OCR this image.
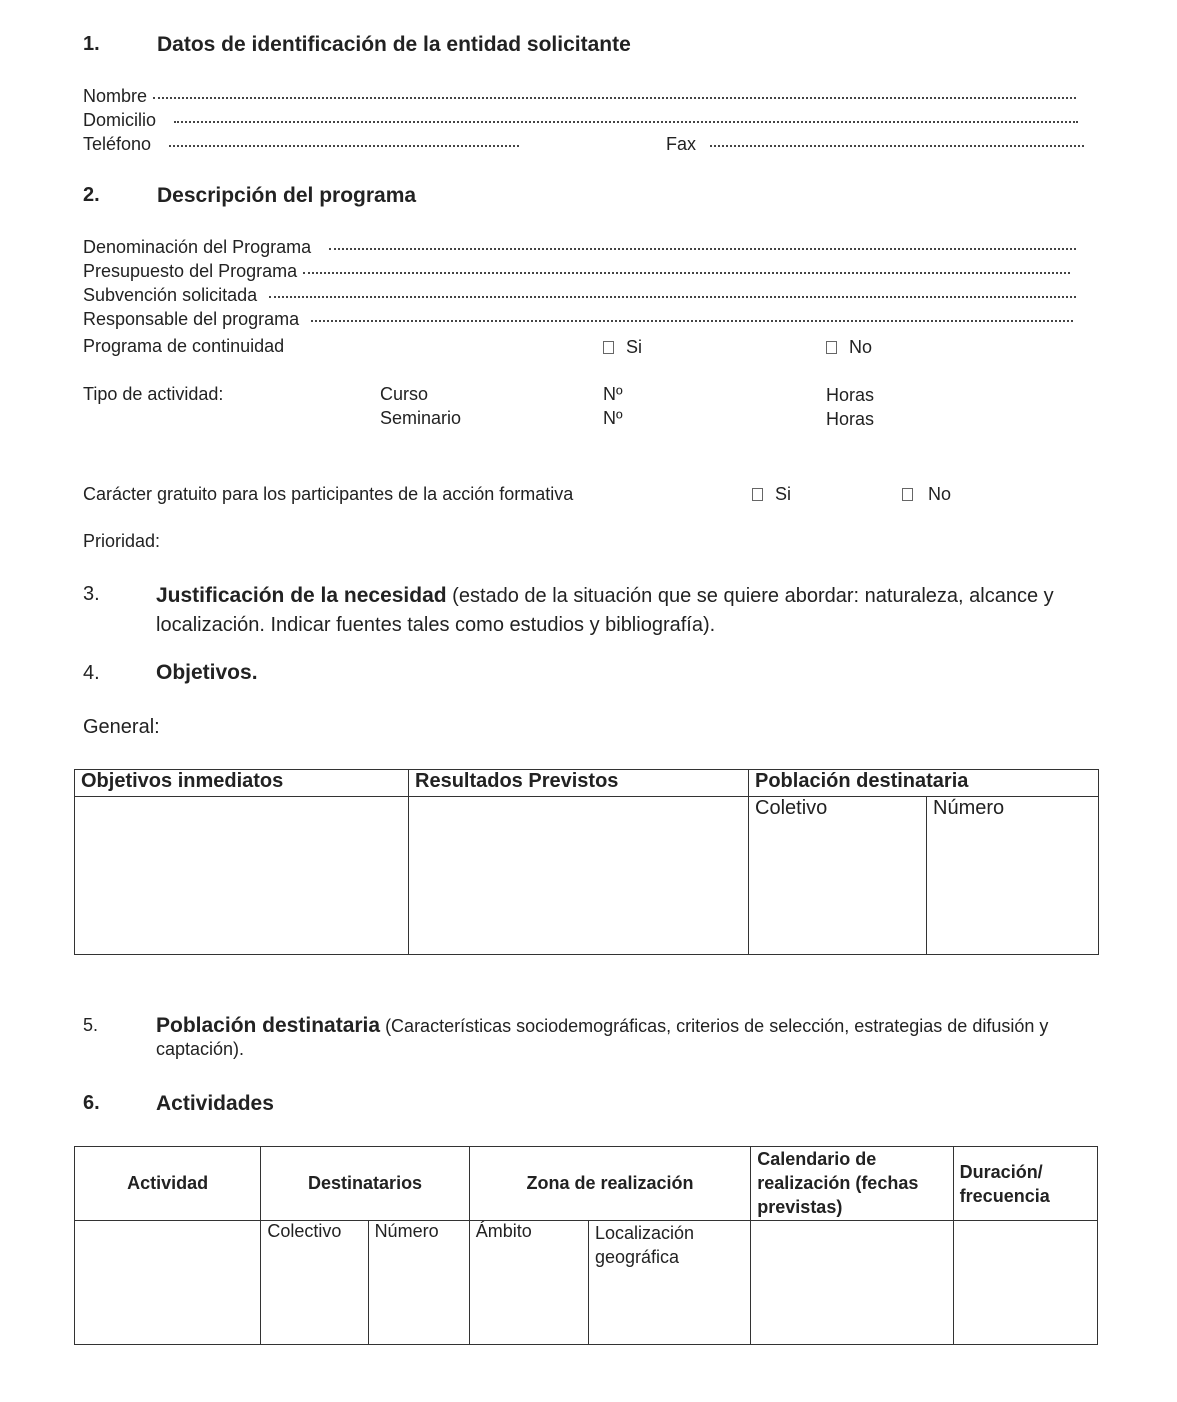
1.	Datos de identificación de la entidad solicitante
Nombre
Domicilio
Teléfono	Fax
2.	Descripción del programa
Denominación del Programa
Presupuesto del Programa
Subvención solicitada
Responsable del programa
Programa de continuidad	Si	No
Tipo de actividad:	Curso	Nº	Horas
Seminario	Nº	Horas
Carácter gratuito para los participantes de la acción formativa	Si	No
Prioridad:
3.	Justificación de la necesidad (estado de la situación que se quiere abordar: naturaleza, alcance y localización. Indicar fuentes tales como estudios y bibliografía).
4.	Objetivos.
General:
Objetivos inmediatos	Resultados Previstos	Población destinataria	
		Coletivo	Número
5.	Población destinataria (Características sociodemográficas, criterios de selección, estrategias de difusión y captación).
6.	Actividades
Actividad	Destinatarios		Zona de realización		Calendario de realización (fechas previstas)	Duración/ frecuencia
	Colectivo	Número	Ámbito	Localización geográfica		
